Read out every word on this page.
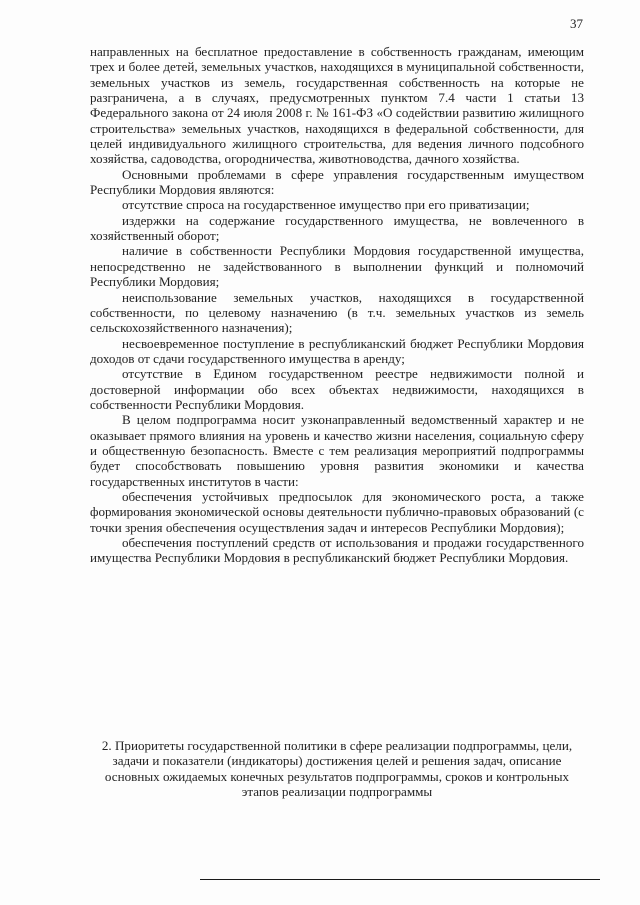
37

направленных на бесплатное предоставление в собственность гражданам, имеющим трех и более детей, земельных участков, находящихся в муниципальной собственности, земельных участков из земель, государственная собственность на которые не разграничена, а в случаях, предусмотренных пунктом 7.4 части 1 статьи 13 Федерального закона от 24 июля 2008 г. № 161-ФЗ «О содействии развитию жилищного строительства» земельных участков, находящихся в федеральной собственности, для целей индивидуального жилищного строительства, для ведения личного подсобного хозяйства, садоводства, огородничества, животноводства, дачного хозяйства.

Основными проблемами в сфере управления государственным имуществом Республики Мордовия являются:

отсутствие спроса на государственное имущество при его приватизации;

издержки на содержание государственного имущества, не вовлеченного в хозяйственный оборот;

наличие в собственности Республики Мордовия государственной имущества, непосредственно не задействованного в выполнении функций и полномочий Республики Мордовия;

неиспользование земельных участков, находящихся в государственной собственности, по целевому назначению (в т.ч. земельных участков из земель сельскохозяйственного назначения);

несвоевременное поступление в республиканский бюджет Республики Мордовия доходов от сдачи государственного имущества в аренду;

отсутствие в Едином государственном реестре недвижимости полной и достоверной информации обо всех объектах недвижимости, находящихся в собственности Республики Мордовия.

В целом подпрограмма носит узконаправленный ведомственный характер и не оказывает прямого влияния на уровень и качество жизни населения, социальную сферу и общественную безопасность. Вместе с тем реализация мероприятий подпрограммы будет способствовать повышению уровня развития экономики и качества государственных институтов в части:

обеспечения устойчивых предпосылок для экономического роста, а также формирования экономической основы деятельности публично-правовых образований (с точки зрения обеспечения осуществления задач и интересов Республики Мордовия);

обеспечения поступлений средств от использования и продажи государственного имущества Республики Мордовия в республиканский бюджет Республики Мордовия.

2. Приоритеты государственной политики в сфере реализации подпрограммы, цели, задачи и показатели (индикаторы) достижения целей и решения задач, описание основных ожидаемых конечных результатов подпрограммы, сроков и контрольных этапов реализации подпрограммы
